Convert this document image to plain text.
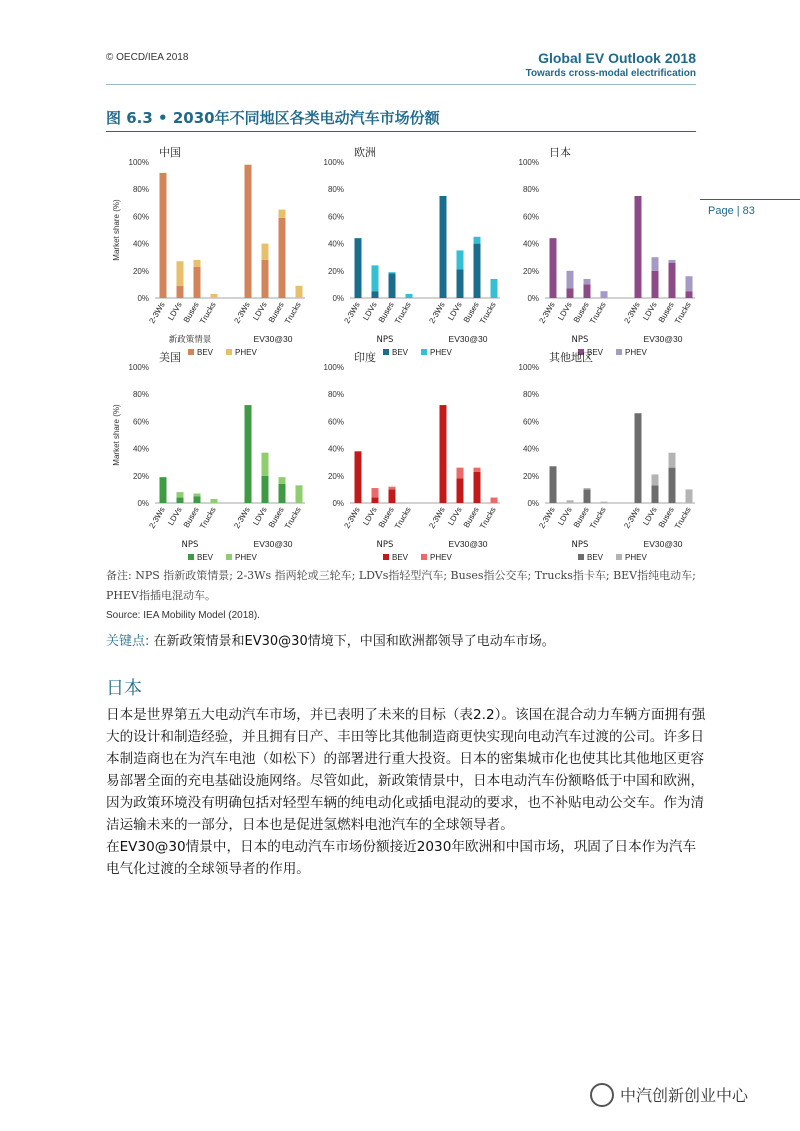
© OECD/IEA 2018	Global EV Outlook 2018
Towards cross-modal electrification
Page | 83
图 6.3 • 2030年不同地区各类电动汽车市场份额
中国
Market share (%)
0%
20%
40%
60%
80%
100%
2-3Ws LDVs
Buses
Trucks 2-3Ws LDVs
Buses
Trucks
新政策情景	EV30@30
BEV	PHEV
欧洲
0%
20%
40%
60%
80%
100%
2-3Ws LDVs
Buses
Trucks 2-3Ws LDVs
Buses
Trucks
NPS	EV30@30
BEV	PHEV
日本
0%
20%
40%
60%
80%
100%
2-3Ws LDVs
Buses
Trucks 2-3Ws LDVs
Buses
Trucks
NPS	EV30@30
BEV	PHEV
美国
Market share (%)
0%
20%
40%
60%
80%
100%
2-3Ws LDVs
Buses
Trucks 2-3Ws LDVs
Buses
Trucks
NPS	EV30@30
BEV	PHEV
印度
0%
20%
40%
60%
80%
100%
2-3Ws LDVs
Buses
Trucks 2-3Ws LDVs
Buses
Trucks
NPS	EV30@30
BEV	PHEV
其他地区
0%
20%
40%
60%
80%
100%
2-3Ws LDVs
Buses
Trucks 2-3Ws LDVs
Buses
Trucks
NPS	EV30@30
BEV	PHEV
备注: NPS 指新政策情景; 2-3Ws 指两轮或三轮车; LDVs指轻型汽车; Buses指公交车; Trucks指卡车; BEV指纯电动车; PHEV指插电混动车。
Source: IEA Mobility Model (2018).
关键点: 在新政策情景和EV30@30情境下，中国和欧洲都领导了电动车市场。
日本

日本是世界第五大电动汽车市场，并已表明了未来的目标（表2.2）。该国在混合动力车辆方面拥有强大的设计和制造经验，并且拥有日产、丰田等比其他制造商更快实现向电动汽车过渡的公司。许多日本制造商也在为汽车电池（如松下）的部署进行重大投资。日本的密集城市化也使其比其他地区更容易部署全面的充电基础设施网络。尽管如此，新政策情景中，日本电动汽车份额略低于中国和欧洲，因为政策环境没有明确包括对轻型车辆的纯电动化或插电混动的要求，也不补贴电动公交车。作为清洁运输未来的一部分，日本也是促进氢燃料电池汽车的全球领导者。

在EV30@30情景中，日本的电动汽车市场份额接近2030年欧洲和中国市场，巩固了日本作为汽车电气化过渡的全球领导者的作用。

中汽创新创业中心
